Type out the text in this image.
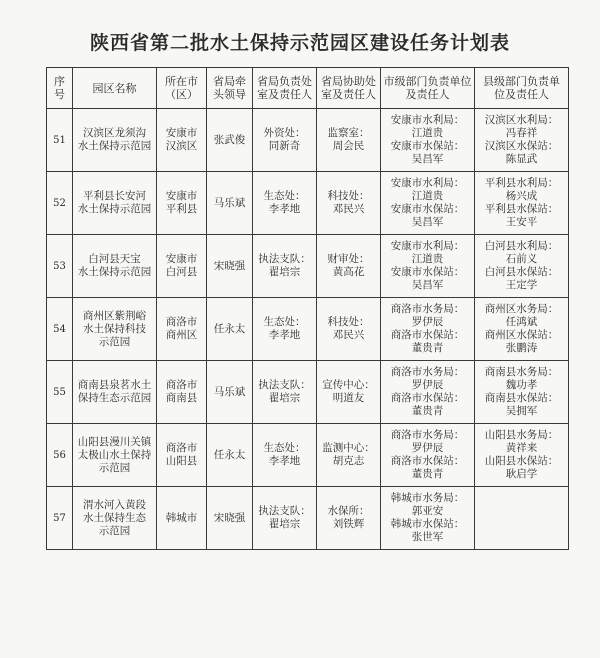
陕西省第二批水土保持示范园区建设任务计划表
序
号	园区名称	所在市
（区）	省局牵
头领导	省局负责处
室及责任人	省局协助处
室及责任人	市级部门负责单位
及责任人	县级部门负责单
位及责任人

51	汉滨区龙须沟
水土保持示范园	安康市
汉滨区	张武俊	外资处：
同新奇	监察室：
周会民	安康市水利局：
江道贵
安康市水保站：
吴昌军	汉滨区水利局：
冯春祥
汉滨区水保站：
陈显武

52	平利县长安河
水土保持示范园	安康市
平利县	马乐斌	生态处：
李孝地	科技处：
邓民兴	安康市水利局：
江道贵
安康市水保站：
吴昌军	平利县水利局：
杨兴成
平利县水保站：
王安平

53	白河县天宝
水土保持示范园	安康市
白河县	宋晓强	执法支队：
翟培宗	财审处：
黄高花	安康市水利局：
江道贵
安康市水保站：
吴昌军	白河县水利局：
石前义
白河县水保站：
王定学

54	商州区紫荆峪
水土保持科技
示范园	商洛市
商州区	任永太	生态处：
李孝地	科技处：
邓民兴	商洛市水务局：
罗伊辰
商洛市水保站：
董贵青	商州区水务局：
任鸿斌
商州区水保站：
张鹏涛

55	商南县泉茗水土
保持生态示范园	商洛市
商南县	马乐斌	执法支队：
翟培宗	宣传中心：
明道友	商洛市水务局：
罗伊辰
商洛市水保站：
董贵青	商南县水务局：
魏功孝
商南县水保站：
吴拥军

56	山阳县漫川关镇
太极山水土保持
示范园	商洛市
山阳县	任永太	生态处：
李孝地	监测中心：
胡克志	商洛市水务局：
罗伊辰
商洛市水保站：
董贵青	山阳县水务局：
黄祥来
山阳县水保站：
耿启学

57	渭水河入黄段
水土保持生态
示范园	韩城市	宋晓强	执法支队：
翟培宗	水保所：
刘铁辉	韩城市水务局：
郭亚安
韩城市水保站：
张世军	
